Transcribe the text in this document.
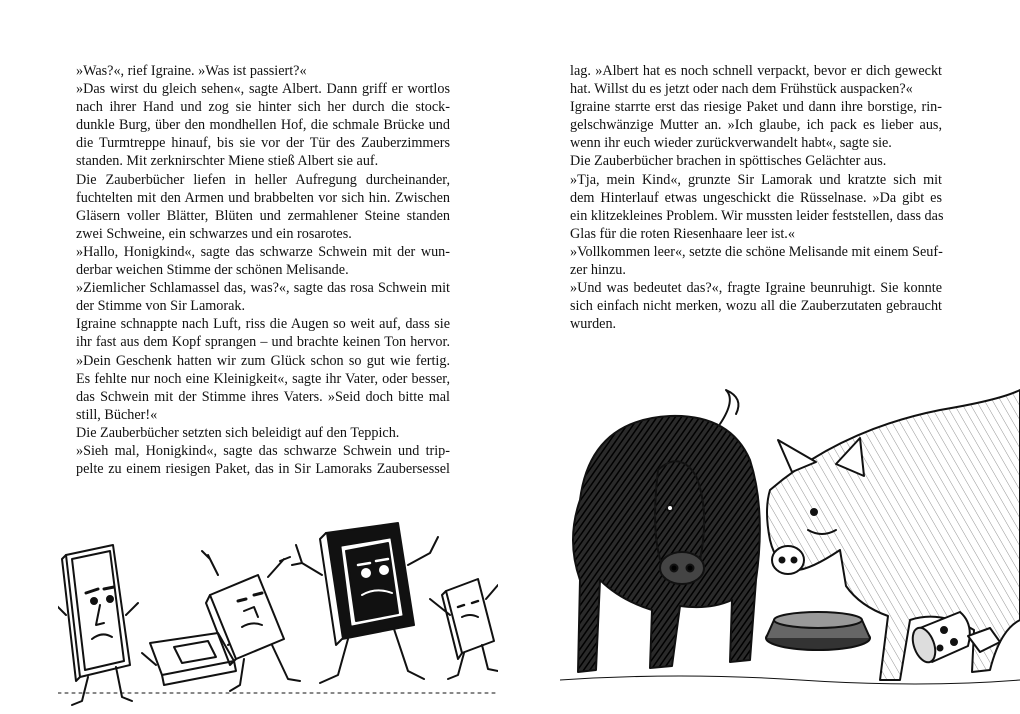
»Was?«, rief Igraine. »Was ist passiert?«
»Das wirst du gleich sehen«, sagte Albert. Dann griff er wortlos
nach ihrer Hand und zog sie hinter sich her durch die stock-
dunkle Burg, über den mondhellen Hof, die schmale Brücke und
die Turmtreppe hinauf, bis sie vor der Tür des Zauberzimmers
standen. Mit zerknirschter Miene stieß Albert sie auf.
Die Zauberbücher liefen in heller Aufregung durcheinander,
fuchtelten mit den Armen und brabbelten vor sich hin. Zwischen
Gläsern voller Blätter, Blüten und zermahlener Steine standen
zwei Schweine, ein schwarzes und ein rosarotes.
»Hallo, Honigkind«, sagte das schwarze Schwein mit der wun-
derbar weichen Stimme der schönen Melisande.
»Ziemlicher Schlamassel das, was?«, sagte das rosa Schwein mit
der Stimme von Sir Lamorak.
Igraine schnappte nach Luft, riss die Augen so weit auf, dass sie
ihr fast aus dem Kopf sprangen – und brachte keinen Ton hervor.
»Dein Geschenk hatten wir zum Glück schon so gut wie fertig.
Es fehlte nur noch eine Kleinigkeit«, sagte ihr Vater, oder besser,
das Schwein mit der Stimme ihres Vaters. »Seid doch bitte mal
still, Bücher!«
Die Zauberbücher setzten sich beleidigt auf den Teppich.
»Sieh mal, Honigkind«, sagte das schwarze Schwein und trip-
pelte zu einem riesigen Paket, das in Sir Lamoraks Zaubersessel
lag. »Albert hat es noch schnell verpackt, bevor er dich geweckt
hat. Willst du es jetzt oder nach dem Frühstück auspacken?«
Igraine starrte erst das riesige Paket und dann ihre borstige, rin-
gelschwänzige Mutter an. »Ich glaube, ich pack es lieber aus,
wenn ihr euch wieder zurückverwandelt habt«, sagte sie.
Die Zauberbücher brachen in spöttisches Gelächter aus.
»Tja, mein Kind«, grunzte Sir Lamorak und kratzte sich mit
dem Hinterlauf etwas ungeschickt die Rüsselnase. »Da gibt es
ein klitzekleines Problem. Wir mussten leider feststellen, dass das
Glas für die roten Riesenhaare leer ist.«
»Vollkommen leer«, setzte die schöne Melisande mit einem Seuf-
zer hinzu.
»Und was bedeutet das?«, fragte Igraine beunruhigt. Sie konnte
sich einfach nicht merken, wozu all die Zauberzutaten gebraucht
wurden.
